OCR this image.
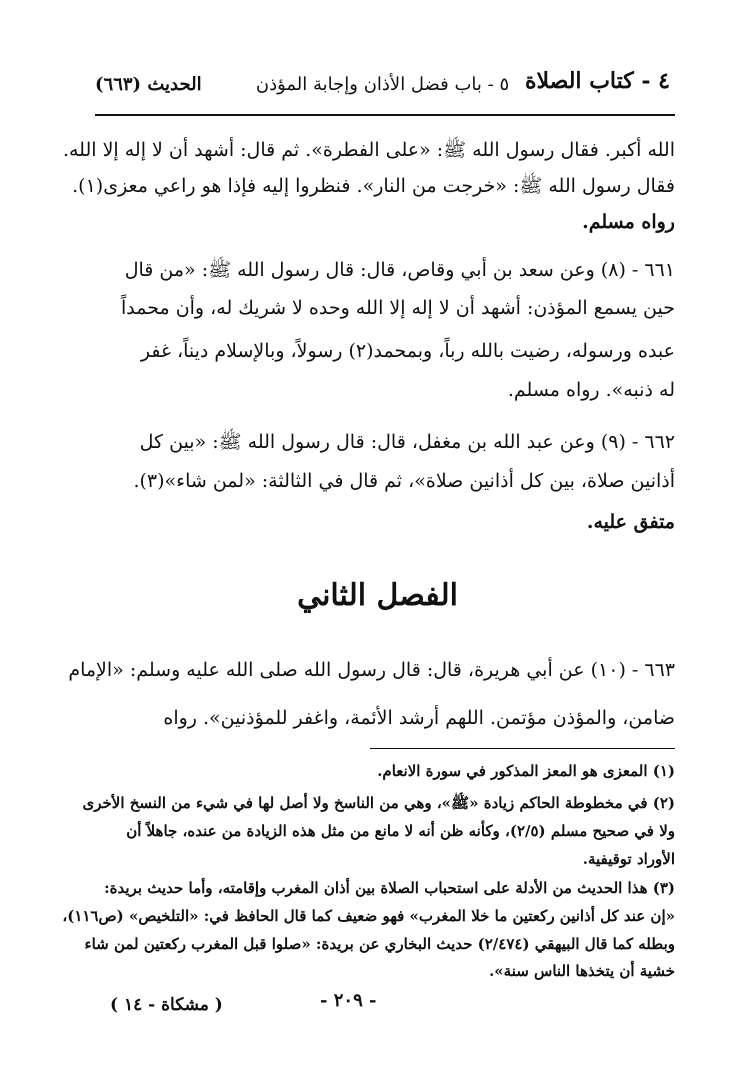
٤ - كتاب الصلاة
٥ - باب فضل الأذان وإجابة المؤذن
الحديث (٦٦٣)
الله أكبر. فقال رسول الله ﷺ: «على الفطرة». ثم قال: أشهد أن لا إله إلا الله.
فقال رسول الله ﷺ: «خرجت من النار». فنظروا إليه فإذا هو راعي معزى(١).
رواه مسلم.
٦٦١ - (٨) وعن سعد بن أبي وقاص، قال: قال رسول الله ﷺ: «من قال
حين يسمع المؤذن: أشهد أن لا إله إلا الله وحده لا شريك له، وأن محمداً
عبده ورسوله، رضيت بالله رباً، وبمحمد(٢) رسولاً، وبالإسلام ديناً، غفر
له ذنبه». رواه مسلم.
٦٦٢ - (٩) وعن عبد الله بن مغفل، قال: قال رسول الله ﷺ: «بين كل
أذانين صلاة، بين كل أذانين صلاة»، ثم قال في الثالثة: «لمن شاء»(٣).
متفق عليه.
الفصل الثاني
٦٦٣ - (١٠) عن أبي هريرة، قال: قال رسول الله صلى الله عليه وسلم: «الإمام
ضامن، والمؤذن مؤتمن. اللهم أرشد الأئمة، واغفر للمؤذنين». رواه
(١) المعزى هو المعز المذكور في سورة الانعام.
(٢) في مخطوطة الحاكم زيادة «ﷺ»، وهي من الناسخ ولا أصل لها في شيء من النسخ الأخرى
ولا في صحيح مسلم (٢/٥)، وكأنه ظن أنه لا مانع من مثل هذه الزيادة من عنده، جاهلاً أن
الأوراد توقيفية.
(٣) هذا الحديث من الأدلة على استحباب الصلاة بين أذان المغرب وإقامته، وأما حديث بريدة:
«إن عند كل أذانين ركعتين ما خلا المغرب» فهو ضعيف كما قال الحافظ في: «التلخيص» (ص١١٦)،
وبطله كما قال البيهقي (٢/٤٧٤) حديث البخاري عن بريدة: «صلوا قبل المغرب ركعتين لمن شاء
خشية أن يتخذها الناس سنة».
- ٢٠٩ -
( مشكاة - ١٤ )
